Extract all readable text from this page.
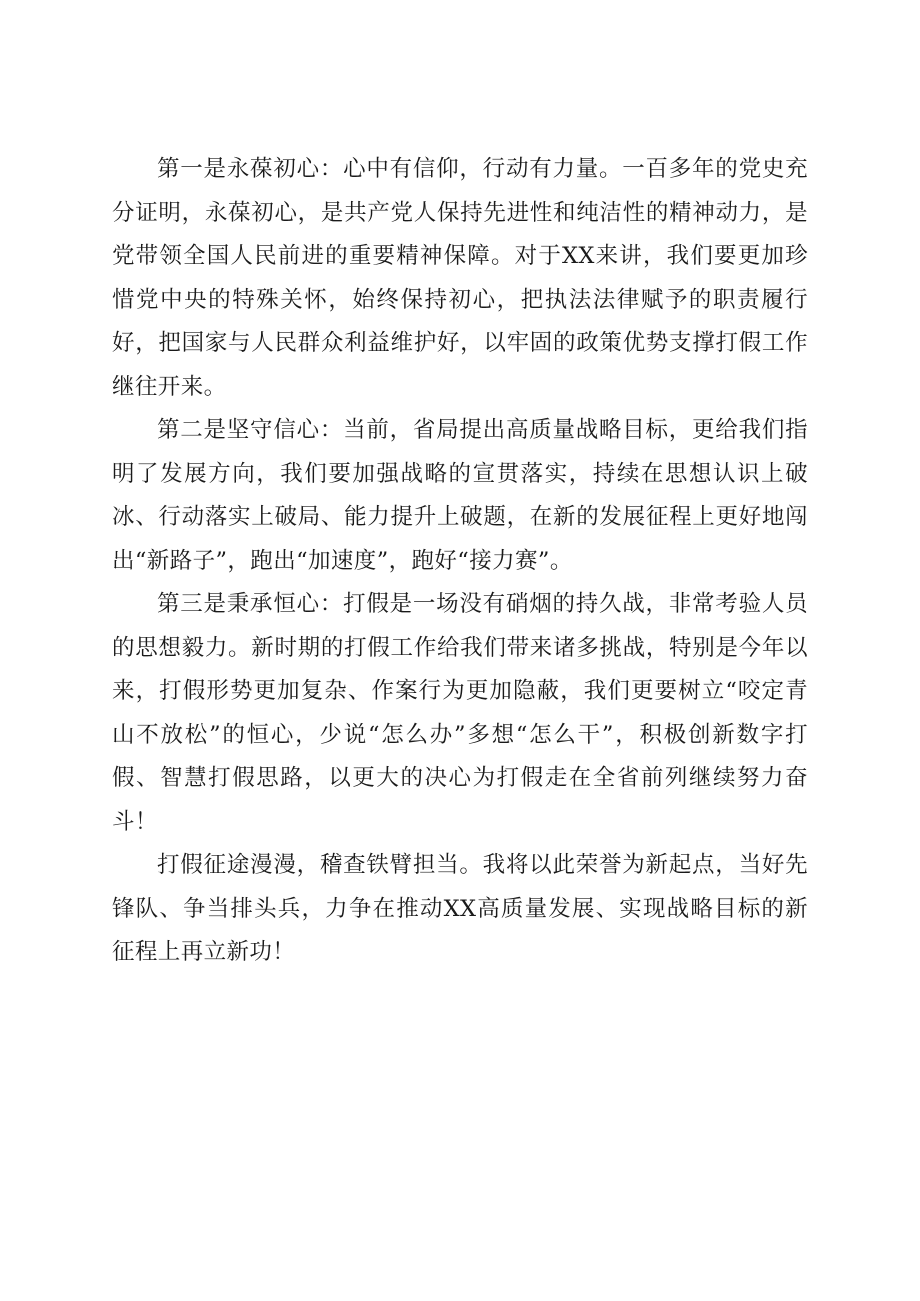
第一是永葆初心：心中有信仰，行动有力量。一百多年的党史充分证明，永葆初心，是共产党人保持先进性和纯洁性的精神动力，是党带领全国人民前进的重要精神保障。对于XX来讲，我们要更加珍惜党中央的特殊关怀，始终保持初心，把执法法律赋予的职责履行好，把国家与人民群众利益维护好，以牢固的政策优势支撑打假工作继往开来。

第二是坚守信心：当前，省局提出高质量战略目标，更给我们指明了发展方向，我们要加强战略的宣贯落实，持续在思想认识上破冰、行动落实上破局、能力提升上破题，在新的发展征程上更好地闯出“新路子”，跑出“加速度”，跑好“接力赛”。

第三是秉承恒心：打假是一场没有硝烟的持久战，非常考验人员的思想毅力。新时期的打假工作给我们带来诸多挑战，特别是今年以来，打假形势更加复杂、作案行为更加隐蔽，我们更要树立“咬定青山不放松”的恒心，少说“怎么办”多想“怎么干”，积极创新数字打假、智慧打假思路，以更大的决心为打假走在全省前列继续努力奋斗！

打假征途漫漫，稽查铁臂担当。我将以此荣誉为新起点，当好先锋队、争当排头兵，力争在推动XX高质量发展、实现战略目标的新征程上再立新功！
